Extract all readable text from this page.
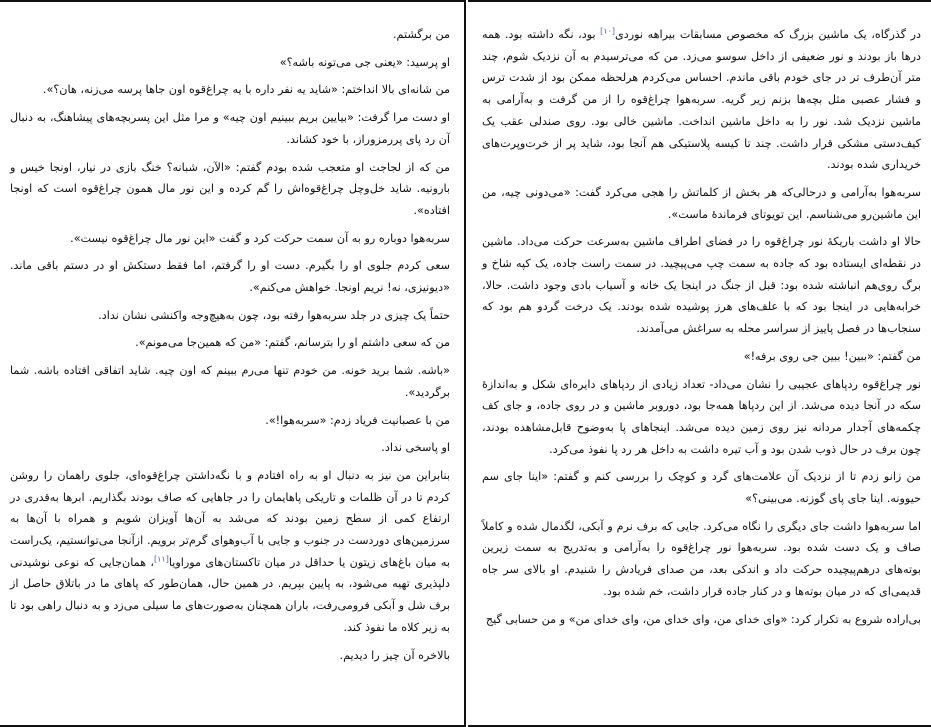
من برگشتم.

او پرسید: «یعنی جی می‌تونه باشه؟»

من شانه‌ای بالا انداختم: «شاید یه نفر داره با یه چراغ‌قوه اون جاها پرسه می‌زنه، هان؟».

او دست مرا گرفت: «بیایین بریم ببینیم اون چیه» و مرا مثل این پسربچه‌های پیشاهنگ، به دنبال آن رد پای پررمزوراز، با خود کشاند.

من که از لجاجت او متعجب شده بودم گفتم: «الآن، شبانه؟ خنگ بازی در نیار، اونجا خیس و بارونیه. شاید خل‌وچل چراغ‌قوه‌اش را گم کرده و این نور مال همون چراغ‌قوه است که اونجا افتاده».

سربه‌هوا دوباره رو به آن سمت حرکت کرد و گفت «این نور مال چراغ‌قوه نیست».

سعی کردم جلوی او را بگیرم. دست او را گرفتم، اما فقط دستکش او در دستم باقی ماند. «دیونیزی، نه! نریم اونجا. خواهش می‌کنم».

حتماً یک چیزی در جلد سربه‌هوا رفته بود، چون به‌هیچ‌وجه واکنشی نشان نداد.

من که سعی داشتم او را بترسانم، گفتم: «من که همین‌جا می‌مونم».

«باشه. شما برید خونه. من خودم تنها می‌رم ببینم که اون چیه. شاید اتفاقی افتاده باشه. شما برگردید».

من با عصبانیت فریاد زدم: «سربه‌هوا!».

او پاسخی نداد.

بنابراین من نیز به دنبال او به راه افتادم و با نگه‌داشتن چراغ‌قوه‌ای، جلوی راهمان را روشن کردم تا در آن ظلمات و تاریکی پاهایمان را در جاهایی که صاف بودند بگذاریم. ابرها به‌قدری در ارتفاع کمی از سطح زمین بودند که می‌شد به آن‌ها آویزان شویم و همراه با آن‌ها به سرزمین‌های دوردست در جنوب و جایی با آب‌وهوای گرم‌تر برویم. ازآنجا می‌توانستیم، یک‌راست به میان باغ‌های زیتون یا حداقل در میان تاکستان‌های موراویا[۱۱]، همان‌جایی که نوعی نوشیدنی دلپذیری تهیه می‌شود، به پایین بپریم. در همین حال، همان‌طور که پاهای ما در باتلاق حاصل از برف شل و آبکی فرومی‌رفت، باران همچنان به‌صورت‌های ما سیلی می‌زد و به دنبال راهی بود تا به زیر کلاه ما نفوذ کند.

بالاخره آن چیز را دیدیم.

در گذرگاه، یک ماشین بزرگ که مخصوص مسابقات بیراهه نوردی[۱۰] بود، نگه داشته بود. همه درها باز بودند و نور ضعیفی از داخل سوسو می‌زد. من که می‌ترسیدم به آن نزدیک شوم، چند متر آن‌طرف تر در جای خودم باقی ماندم. احساس می‌کردم هرلحظه ممکن بود از شدت ترس و فشار عصبی مثل بچه‌ها بزنم زیر گریه. سربه‌هوا چراغ‌قوه را از من گرفت و به‌آرامی به ماشین نزدیک شد. نور را به داخل ماشین انداخت. ماشین خالی بود. روی صندلی عقب یک کیف‌دستی مشکی قرار داشت. چند تا کیسه پلاستیکی هم آنجا بود، شاید پر از خرت‌وپرت‌های خریداری شده بودند.

سربه‌هوا به‌آرامی و درحالی‌که هر بخش از کلماتش را هجی می‌کرد گفت: «می‌دونی چیه، من این ماشین‌رو می‌شناسم. این تویوتای فرماندهٔ ماست».

حالا او داشت باریکهٔ نور چراغ‌قوه را در فضای اطراف ماشین به‌سرعت حرکت می‌داد. ماشین در نقطه‌ای ایستاده بود که جاده به سمت چپ می‌پیچید. در سمت راست جاده، یک کپه شاخ و برگ روی‌هم انباشته شده بود: قبل از جنگ در اینجا یک خانه و آسیاب بادی وجود داشت. حالا، خرابه‌هایی در اینجا بود که با علف‌های هرز پوشیده شده بودند. یک درخت گردو هم بود که سنجاب‌ها در فصل پاییز از سراسر محله به سراغش می‌آمدند.

من گفتم: «ببین! ببین جی روی برفه!»

نور چراغ‌قوه ردپاهای عجیبی را نشان می‌داد- تعداد زیادی از ردپاهای دایره‌ای شکل و به‌اندازهٔ سکه در آنجا دیده می‌شد. از این ردپاها همه‌جا بود، دوروبر ماشین و در روی جاده، و جای کف چکمه‌های آجدار مردانه نیز روی زمین دیده می‌شد. اینجاهای پا به‌وضوح قابل‌مشاهده بودند، چون برف در حال ذوب شدن بود و آب تیره داشت به داخل هر رد پا نفوذ می‌کرد.

من زانو زدم تا از نزدیک آن علامت‌های گرد و کوچک را بررسی کنم و گفتم: «اینا جای سم حیوونه. اینا جای پای گوزنه. می‌بینی؟»

اما سربه‌هوا داشت جای دیگری را نگاه می‌کرد. جایی که برف نرم و آبکی، لگدمال شده و کاملاً صاف و یک دست شده بود. سربه‌هوا نور چراغ‌قوه را به‌آرامی و به‌تدریج به سمت زیرین بوته‌های درهم‌پیچیده حرکت داد و اندکی بعد، من صدای فریادش را شنیدم. او بالای سر جاه قدیمی‌ای که در میان بوته‌ها و در کنار جاده قرار داشت، خم شده بود.

بی‌اراده شروع به تکرار کرد: «وای خدای من، وای خدای من، وای خدای من» و من حسابی گیج
